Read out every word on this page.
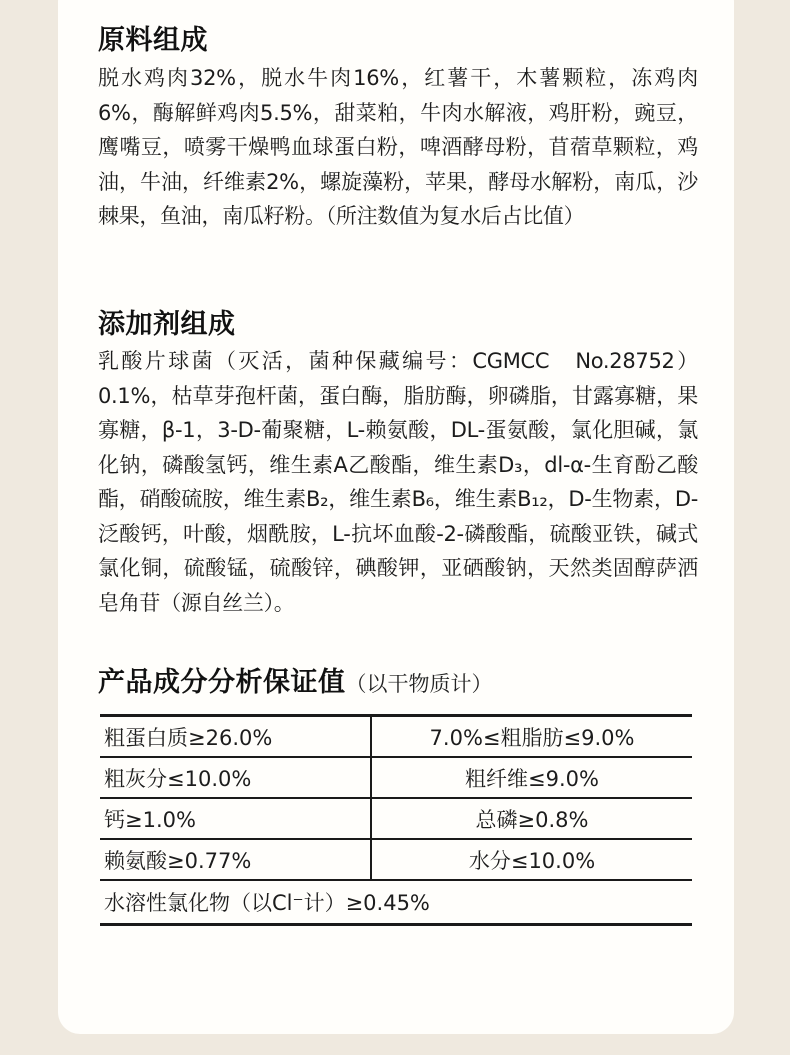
原料组成
脱水鸡肉32%，脱水牛肉16%，红薯干，木薯颗粒，冻鸡肉6%，酶解鲜鸡肉5.5%，甜菜粕，牛肉水解液，鸡肝粉，豌豆，鹰嘴豆，喷雾干燥鸭血球蛋白粉，啤酒酵母粉，苜蓿草颗粒，鸡油，牛油，纤维素2%，螺旋藻粉，苹果，酵母水解粉，南瓜，沙棘果，鱼油，南瓜籽粉。（所注数值为复水后占比值）
添加剂组成
乳酸片球菌（灭活，菌种保藏编号：CGMCC　No.28752）0.1%，枯草芽孢杆菌，蛋白酶，脂肪酶，卵磷脂，甘露寡糖，果寡糖，β-1，3-D-葡聚糖，L-赖氨酸，DL-蛋氨酸，氯化胆碱，氯化钠，磷酸氢钙，维生素A乙酸酯，维生素D₃，dl-α-生育酚乙酸酯，硝酸硫胺，维生素B₂，维生素B₆，维生素B₁₂，D-生物素，D-泛酸钙，叶酸，烟酰胺，L-抗坏血酸-2-磷酸酯，硫酸亚铁，碱式氯化铜，硫酸锰，硫酸锌，碘酸钾，亚硒酸钠，天然类固醇萨洒皂角苷（源自丝兰）。
产品成分分析保证值（以干物质计）
粗蛋白质≥26.0%	7.0%≤粗脂肪≤9.0%
粗灰分≤10.0%	粗纤维≤9.0%
钙≥1.0%	总磷≥0.8%
赖氨酸≥0.77%	水分≤10.0%
水溶性氯化物（以Cl⁻计）≥0.45%	
